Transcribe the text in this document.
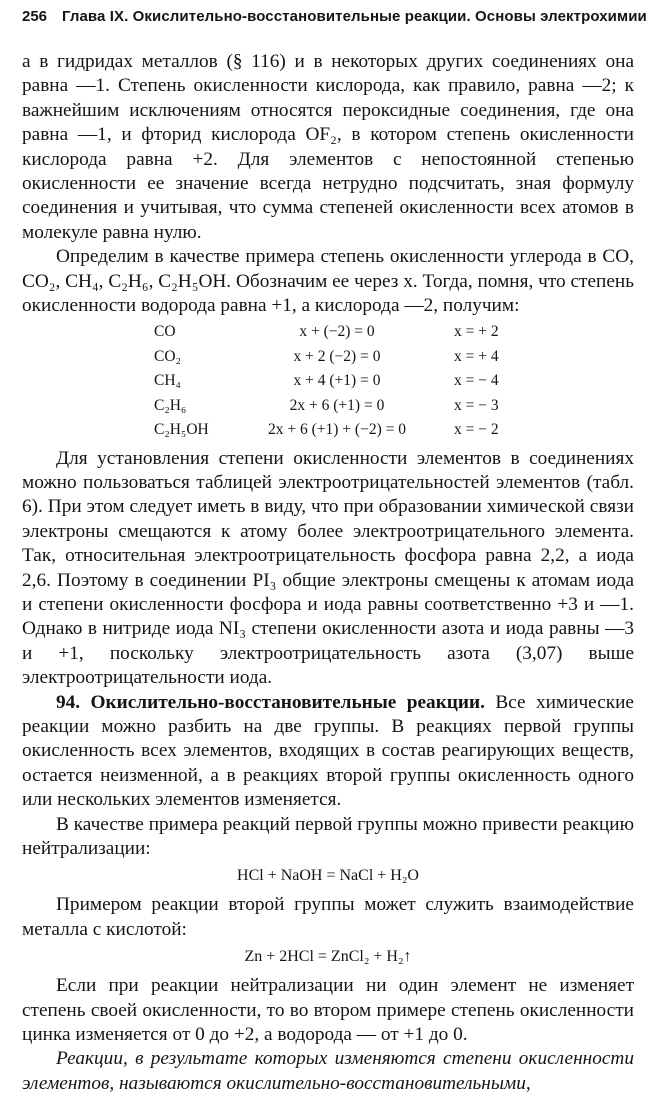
256 Глава IX. Окислительно-восстановительные реакции. Основы электрохимии

а в гидридах металлов (§ 116) и в некоторых других соединениях она равна —1. Степень окисленности кислорода, как правило, равна —2; к важнейшим исключениям относятся пероксидные соединения, где она равна —1, и фторид кислорода OF₂, в котором степень окисленности кислорода равна +2. Для элементов с непостоянной степенью окисленности ее значение всегда нетрудно подсчитать, зная формулу соединения и учитывая, что сумма степеней окисленности всех атомов в молекуле равна нулю.

Определим в качестве примера степень окисленности углерода в CO, CO₂, CH₄, C₂H₆, C₂H₅OH. Обозначим ее через x. Тогда, помня, что степень окисленности водорода равна +1, а кислорода —2, получим:

CO	x + (−2) = 0	x = + 2
CO₂	x + 2 (−2) = 0	x = + 4
CH₄	x + 4 (+1) = 0	x = − 4
C₂H₆	2x + 6 (+1) = 0	x = − 3
C₂H₅OH	2x + 6 (+1) + (−2) = 0	x = − 2

Для установления степени окисленности элементов в соединениях можно пользоваться таблицей электроотрицательностей элементов (табл. 6). При этом следует иметь в виду, что при образовании химической связи электроны смещаются к атому более электроотрицательного элемента. Так, относительная электроотрицательность фосфора равна 2,2, а иода 2,6. Поэтому в соединении PI₃ общие электроны смещены к атомам иода и степени окисленности фосфора и иода равны соответственно +3 и —1. Однако в нитриде иода NI₃ степени окисленности азота и иода равны —3 и +1, поскольку электроотрицательность азота (3,07) выше электроотрицательности иода.

94. Окислительно-восстановительные реакции. Все химические реакции можно разбить на две группы. В реакциях первой группы окисленность всех элементов, входящих в состав реагирующих веществ, остается неизменной, а в реакциях второй группы окисленность одного или нескольких элементов изменяется.

В качестве примера реакций первой группы можно привести реакцию нейтрализации:

HCl + NaOH = NaCl + H₂O

Примером реакции второй группы может служить взаимодействие металла с кислотой:

Zn + 2HCl = ZnCl₂ + H₂↑

Если при реакции нейтрализации ни один элемент не изменяет степень своей окисленности, то во втором примере степень окисленности цинка изменяется от 0 до +2, а водорода — от +1 до 0.

Реакции, в результате которых изменяются степени окисленности элементов, называются окислительно-восстановительными,
